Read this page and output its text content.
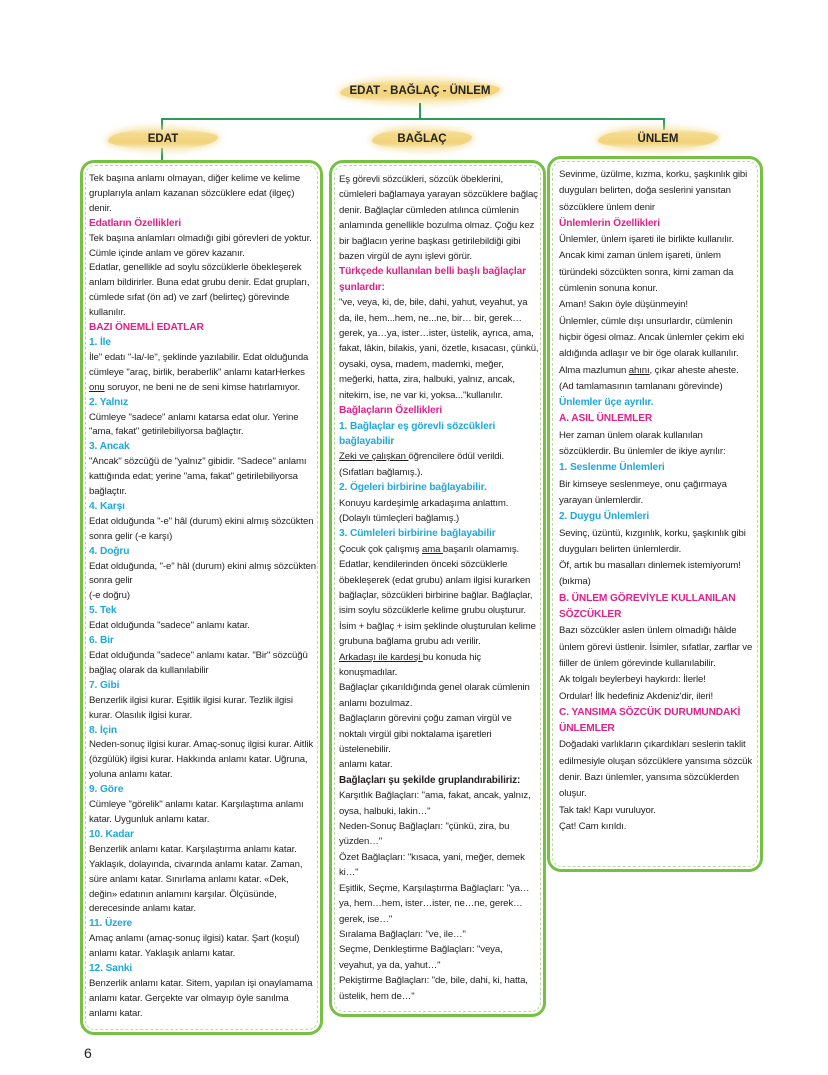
EDAT - BAĞLAÇ - ÜNLEM
EDAT	BAĞLAÇ	ÜNLEM
Tek başına anlamı olmayan, diğer kelime ve kelime gruplarıyla anlam kazanan sözcüklere edat (ilgeç) denir.
Edatların Özellikleri
Tek başına anlamları olmadığı gibi görevleri de yoktur. Cümle içinde anlam ve görev kazanır.
Edatlar, genellikle ad soylu sözcüklerle öbekleşerek anlam bildirirler. Buna edat grubu denir. Edat grupları, cümlede sıfat (ön ad) ve zarf (belirteç) görevinde kullanılır.
BAZI ÖNEMLİ EDATLAR
1. İle
İle" edatı "-la/-le", şeklinde yazılabilir. Edat olduğunda cümleye "araç, birlik, beraberlik" anlamı katarHerkes onu soruyor, ne beni ne de seni kimse hatırlamıyor.
2. Yalnız
Cümleye "sadece" anlamı katarsa edat olur. Yerine "ama, fakat" getirilebiliyorsa bağlaçtır.
3. Ancak
"Ancak" sözcüğü de "yalnız" gibidir. "Sadece" anlamı kattığında edat; yerine "ama, fakat" getirilebiliyorsa bağlaçtır.
4. Karşı
Edat olduğunda "-e" hâl (durum) ekini almış sözcükten sonra gelir (-e karşı)
4. Doğru
Edat olduğunda, "-e" hâl (durum) ekini almış sözcükten sonra gelir
(-e doğru)
5. Tek
Edat olduğunda "sadece" anlamı katar.
6. Bir
Edat olduğunda "sadece" anlamı katar. "Bir" sözcüğü bağlaç olarak da kullanılabilir
7. Gibi
Benzerlik ilgisi kurar. Eşitlik ilgisi kurar. Tezlik ilgisi kurar. Olasılık ilgisi kurar.
8. İçin
Neden-sonuç ilgisi kurar. Amaç-sonuç ilgisi kurar. Aitlik (özgülük) ilgisi kurar. Hakkında anlamı katar. Uğruna, yoluna anlamı katar.
9. Göre
Cümleye "görelik" anlamı katar. Karşılaştıma anlamı katar. Uygunluk anlamı katar.
10. Kadar
Benzerlik anlamı katar. Karşılaştırma anlamı katar. Yaklaşık, dolayında, civarında anlamı katar. Zaman, süre anlamı katar. Sınırlama anlamı katar. «Dek, değin» edatının anlamını karşılar. Ölçüsünde, derecesinde anlamı katar.
11. Üzere
Amaç anlamı (amaç-sonuç ilgisi) katar. Şart (koşul) anlamı katar. Yaklaşık anlamı katar.
12. Sanki
Benzerlik anlamı katar. Sitem, yapılan işi onaylamama anlamı katar. Gerçekte var olmayıp öyle sanılma anlamı katar.
Eş görevli sözcükleri, sözcük öbeklerini, cümleleri bağlamaya yarayan sözcüklere bağlaç denir. Bağlaçlar cümleden atılınca cümlenin anlamında genellikle bozulma olmaz. Çoğu kez bir bağlacın yerine başkası getirilebildiği gibi bazen virgül de aynı işlevi görür.
Türkçede kullanılan belli başlı bağlaçlar şunlardır:
"ve, veya, ki, de, bile, dahi, yahut, veyahut, ya da, ile, hem...hem, ne...ne, bir… bir, gerek…gerek, ya…ya, ister…ister, üstelik, ayrıca, ama, fakat, lâkin, bilakis, yani, özetle, kısacası, çünkü, oysaki, oysa, madem, mademki, meğer, meğerki, hatta, zira, halbuki, yalnız, ancak, nitekim, ise, ne var ki, yoksa..."kullanılır.
Bağlaçların Özellikleri
1. Bağlaçlar eş görevli sözcükleri bağlayabilir
Zeki ve çalışkan öğrencilere ödül verildi. (Sıfatları bağlamış.).
2. Ögeleri birbirine bağlayabilir.
Konuyu kardeşimle arkadaşıma anlattım. (Dolaylı tümleçleri bağlamış.)
3. Cümleleri birbirine bağlayabilir
Çocuk çok çalışmış ama başarılı olamamış.
Edatlar, kendilerinden önceki sözcüklerle öbekleşerek (edat grubu) anlam ilgisi kurarken bağlaçlar, sözcükleri birbirine bağlar. Bağlaçlar, isim soylu sözcüklerle kelime grubu oluşturur. İsim + bağlaç + isim şeklinde oluşturulan kelime grubuna bağlama grubu adı verilir.
Arkadaşı ile kardeşi bu konuda hiç konuşmadılar.
Bağlaçlar çıkarıldığında genel olarak cümlenin anlamı bozulmaz.
Bağlaçların görevini çoğu zaman virgül ve noktalı virgül gibi noktalama işaretleri üstelenebilir.
anlamı katar.
Bağlaçları şu şekilde gruplandırabiliriz:
Karşıtlık Bağlaçları: "ama, fakat, ancak, yalnız, oysa, halbuki, lakin…"
Neden-Sonuç Bağlaçları: "çünkü, zira, bu yüzden…"
Özet Bağlaçları: "kısaca, yani, meğer, demek ki…"
Eşitlik, Seçme, Karşılaştırma Bağlaçları: "ya…ya, hem…hem, ister…ister, ne…ne, gerek…gerek, ise…"
Sıralama Bağlaçları: "ve, ile…"
Seçme, Denkleştirme Bağlaçları: "veya, veyahut, ya da, yahut…"
Pekiştirme Bağlaçları: "de, bile, dahi, ki, hatta, üstelik, hem de…"
Sevinme, üzülme, kızma, korku, şaşkınlık gibi duyguları belirten, doğa seslerini yansıtan sözcüklere ünlem denir
Ünlemlerin Özellikleri
Ünlemler, ünlem işareti ile birlikte kullanılır. Ancak kimi zaman ünlem işareti, ünlem türündeki sözcükten sonra, kimi zaman da cümlenin sonuna konur.
Aman! Sakın öyle düşünmeyin!
Ünlemler, cümle dışı unsurlardır, cümlenin hiçbir ögesi olmaz. Ancak ünlemler çekim eki aldığında adlaşır ve bir öge olarak kullanılır.
Alma mazlumun ahını, çıkar aheste aheste.
(Ad tamlamasının tamlananı görevinde)
Ünlemler üçe ayrılır.
A. ASIL ÜNLEMLER
Her zaman ünlem olarak kullanılan sözcüklerdir. Bu ünlemler de ikiye ayrılır:
1. Seslenme Ünlemleri
Bir kimseye seslenmeye, onu çağırmaya yarayan ünlemlerdir.
2. Duygu Ünlemleri
Sevinç, üzüntü, kızgınlık, korku, şaşkınlık gibi duyguları belirten ünlemlerdir.
Öf, artık bu masalları dinlemek istemiyorum! (bıkma)
B. ÜNLEM GÖREVİYLE KULLANILAN SÖZCÜKLER
Bazı sözcükler aslen ünlem olmadığı hâlde ünlem görevi üstlenir. İsimler, sıfatlar, zarflar ve fiiller de ünlem görevinde kullanılabilir.
Ak tolgalı beylerbeyi haykırdı: İlerle!
Ordular! İlk hedefiniz Akdeniz'dir, ileri!
C. YANSIMA SÖZCÜK DURUMUNDAKİ ÜNLEMLER
Doğadaki varlıkların çıkardıkları seslerin taklit edilmesiyle oluşan sözcüklere yansıma sözcük denir. Bazı ünlemler, yansıma sözcüklerden oluşur.
Tak tak! Kapı vuruluyor.
Çat! Cam kırıldı.
6
